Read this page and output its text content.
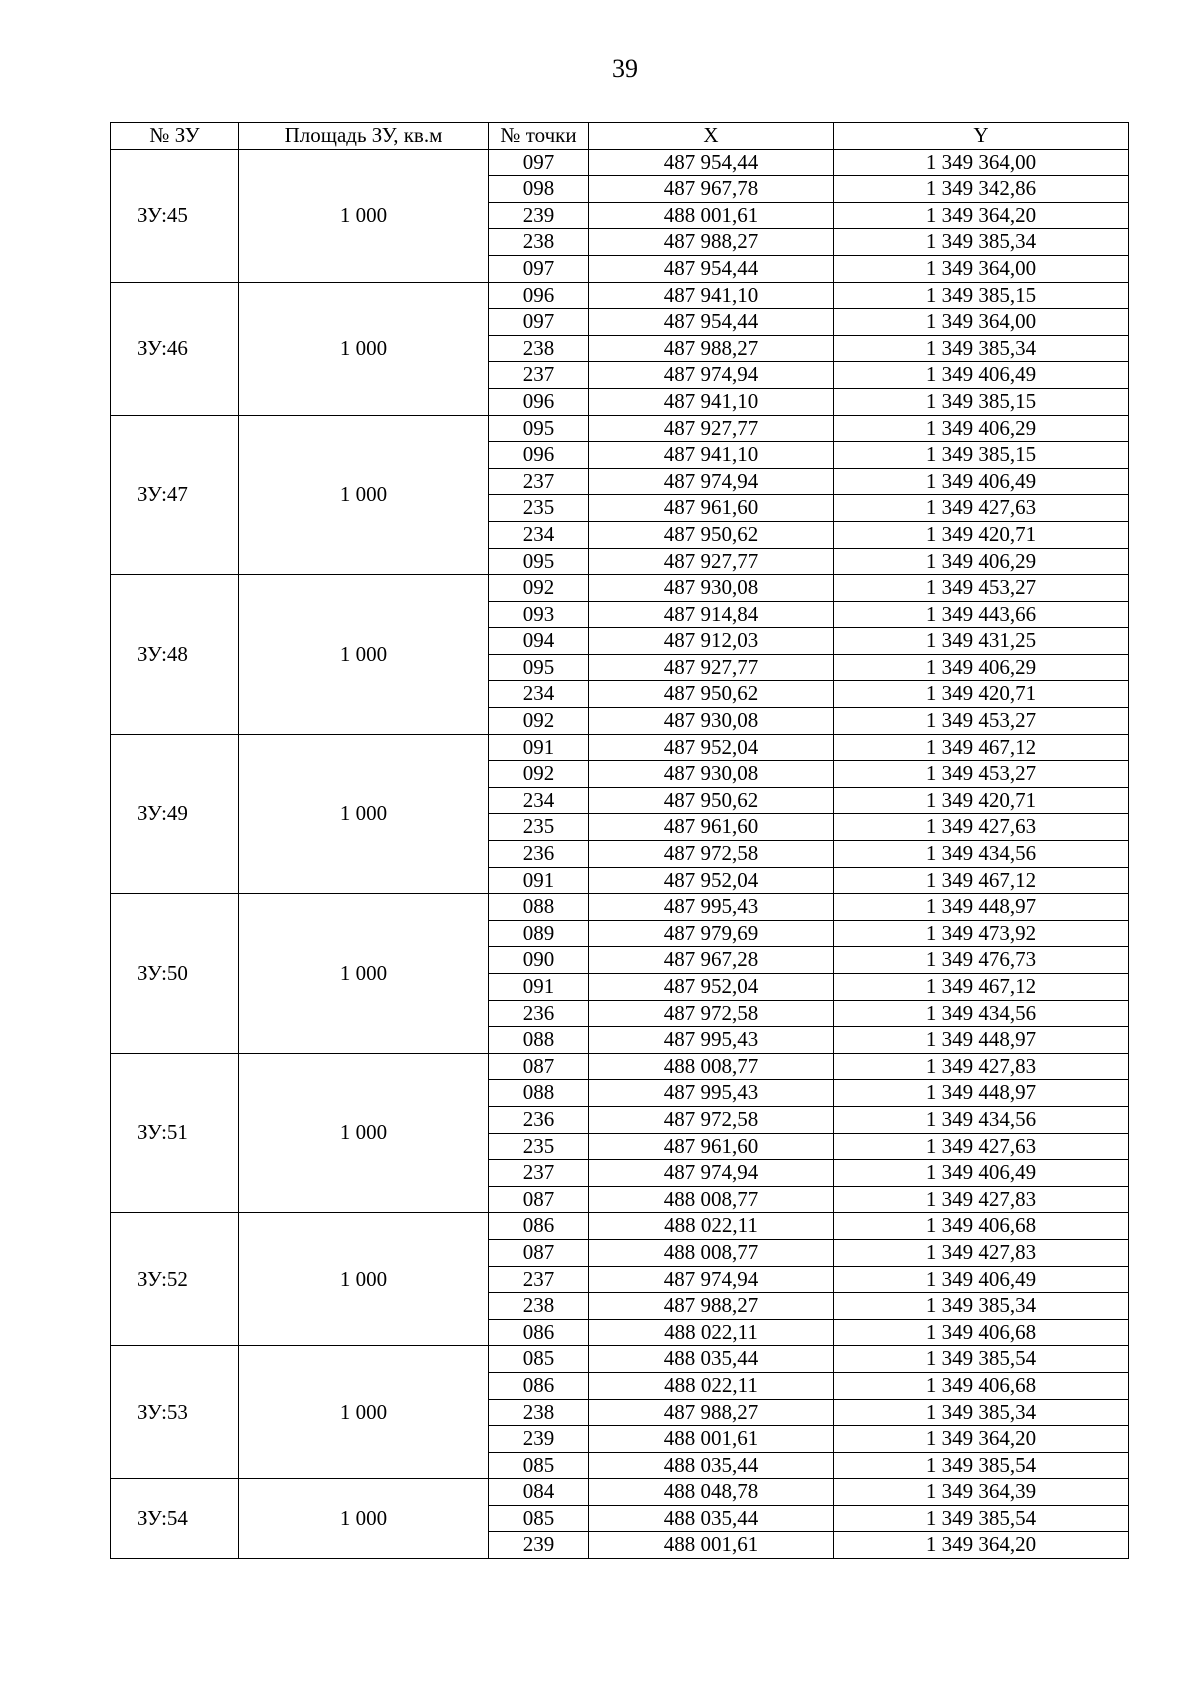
39
№ ЗУ	Площадь ЗУ, кв.м	№ точки	X	Y
ЗУ:45	1 000	097	487 954,44	1 349 364,00
		098	487 967,78	1 349 342,86
		239	488 001,61	1 349 364,20
		238	487 988,27	1 349 385,34
		097	487 954,44	1 349 364,00
ЗУ:46	1 000	096	487 941,10	1 349 385,15
		097	487 954,44	1 349 364,00
		238	487 988,27	1 349 385,34
		237	487 974,94	1 349 406,49
		096	487 941,10	1 349 385,15
ЗУ:47	1 000	095	487 927,77	1 349 406,29
		096	487 941,10	1 349 385,15
		237	487 974,94	1 349 406,49
		235	487 961,60	1 349 427,63
		234	487 950,62	1 349 420,71
		095	487 927,77	1 349 406,29
ЗУ:48	1 000	092	487 930,08	1 349 453,27
		093	487 914,84	1 349 443,66
		094	487 912,03	1 349 431,25
		095	487 927,77	1 349 406,29
		234	487 950,62	1 349 420,71
		092	487 930,08	1 349 453,27
ЗУ:49	1 000	091	487 952,04	1 349 467,12
		092	487 930,08	1 349 453,27
		234	487 950,62	1 349 420,71
		235	487 961,60	1 349 427,63
		236	487 972,58	1 349 434,56
		091	487 952,04	1 349 467,12
ЗУ:50	1 000	088	487 995,43	1 349 448,97
		089	487 979,69	1 349 473,92
		090	487 967,28	1 349 476,73
		091	487 952,04	1 349 467,12
		236	487 972,58	1 349 434,56
		088	487 995,43	1 349 448,97
ЗУ:51	1 000	087	488 008,77	1 349 427,83
		088	487 995,43	1 349 448,97
		236	487 972,58	1 349 434,56
		235	487 961,60	1 349 427,63
		237	487 974,94	1 349 406,49
		087	488 008,77	1 349 427,83
ЗУ:52	1 000	086	488 022,11	1 349 406,68
		087	488 008,77	1 349 427,83
		237	487 974,94	1 349 406,49
		238	487 988,27	1 349 385,34
		086	488 022,11	1 349 406,68
ЗУ:53	1 000	085	488 035,44	1 349 385,54
		086	488 022,11	1 349 406,68
		238	487 988,27	1 349 385,34
		239	488 001,61	1 349 364,20
		085	488 035,44	1 349 385,54
ЗУ:54	1 000	084	488 048,78	1 349 364,39
		085	488 035,44	1 349 385,54
		239	488 001,61	1 349 364,20
